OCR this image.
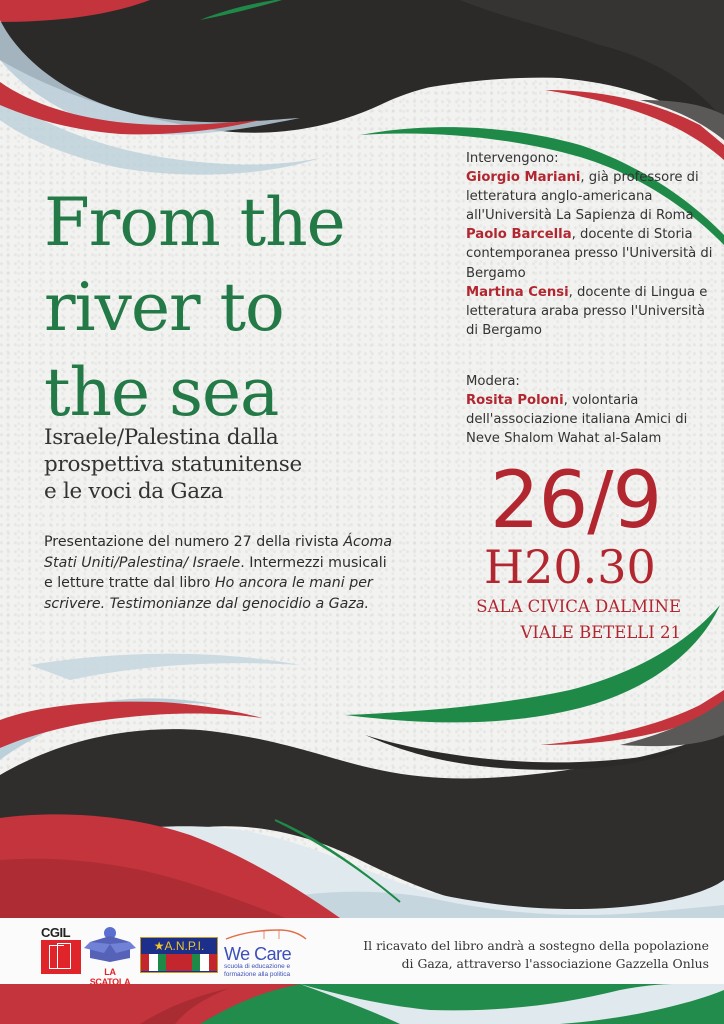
From the
river to
the sea
Israele/Palestina dalla
prospettiva statunitense
e le voci da Gaza

Presentazione del numero 27 della rivista Ácoma Stati Uniti/Palestina/ Israele. Intermezzi musicali e letture tratte dal libro Ho ancora le mani per scrivere. Testimonianze dal genocidio a Gaza.

Intervengono:
Giorgio Mariani, già professore di letteratura anglo-americana all'Università La Sapienza di Roma
Paolo Barcella, docente di Storia contemporanea presso l'Università di Bergamo
Martina Censi, docente di Lingua e letteratura araba presso l'Università di Bergamo
Modera:
Rosita Poloni, volontaria dell'associazione italiana Amici di Neve Shalom Wahat al-Salam
26/9
H20.30
SALA CIVICA DALMINE
VIALE BETELLI 21
CGIL
LA SCATOLA
★A.N.P.I.	We Care
scuola di educazione e
formazione alla politica
Il ricavato del libro andrà a sostegno della popolazione
di Gaza, attraverso l'associazione Gazzella Onlus
